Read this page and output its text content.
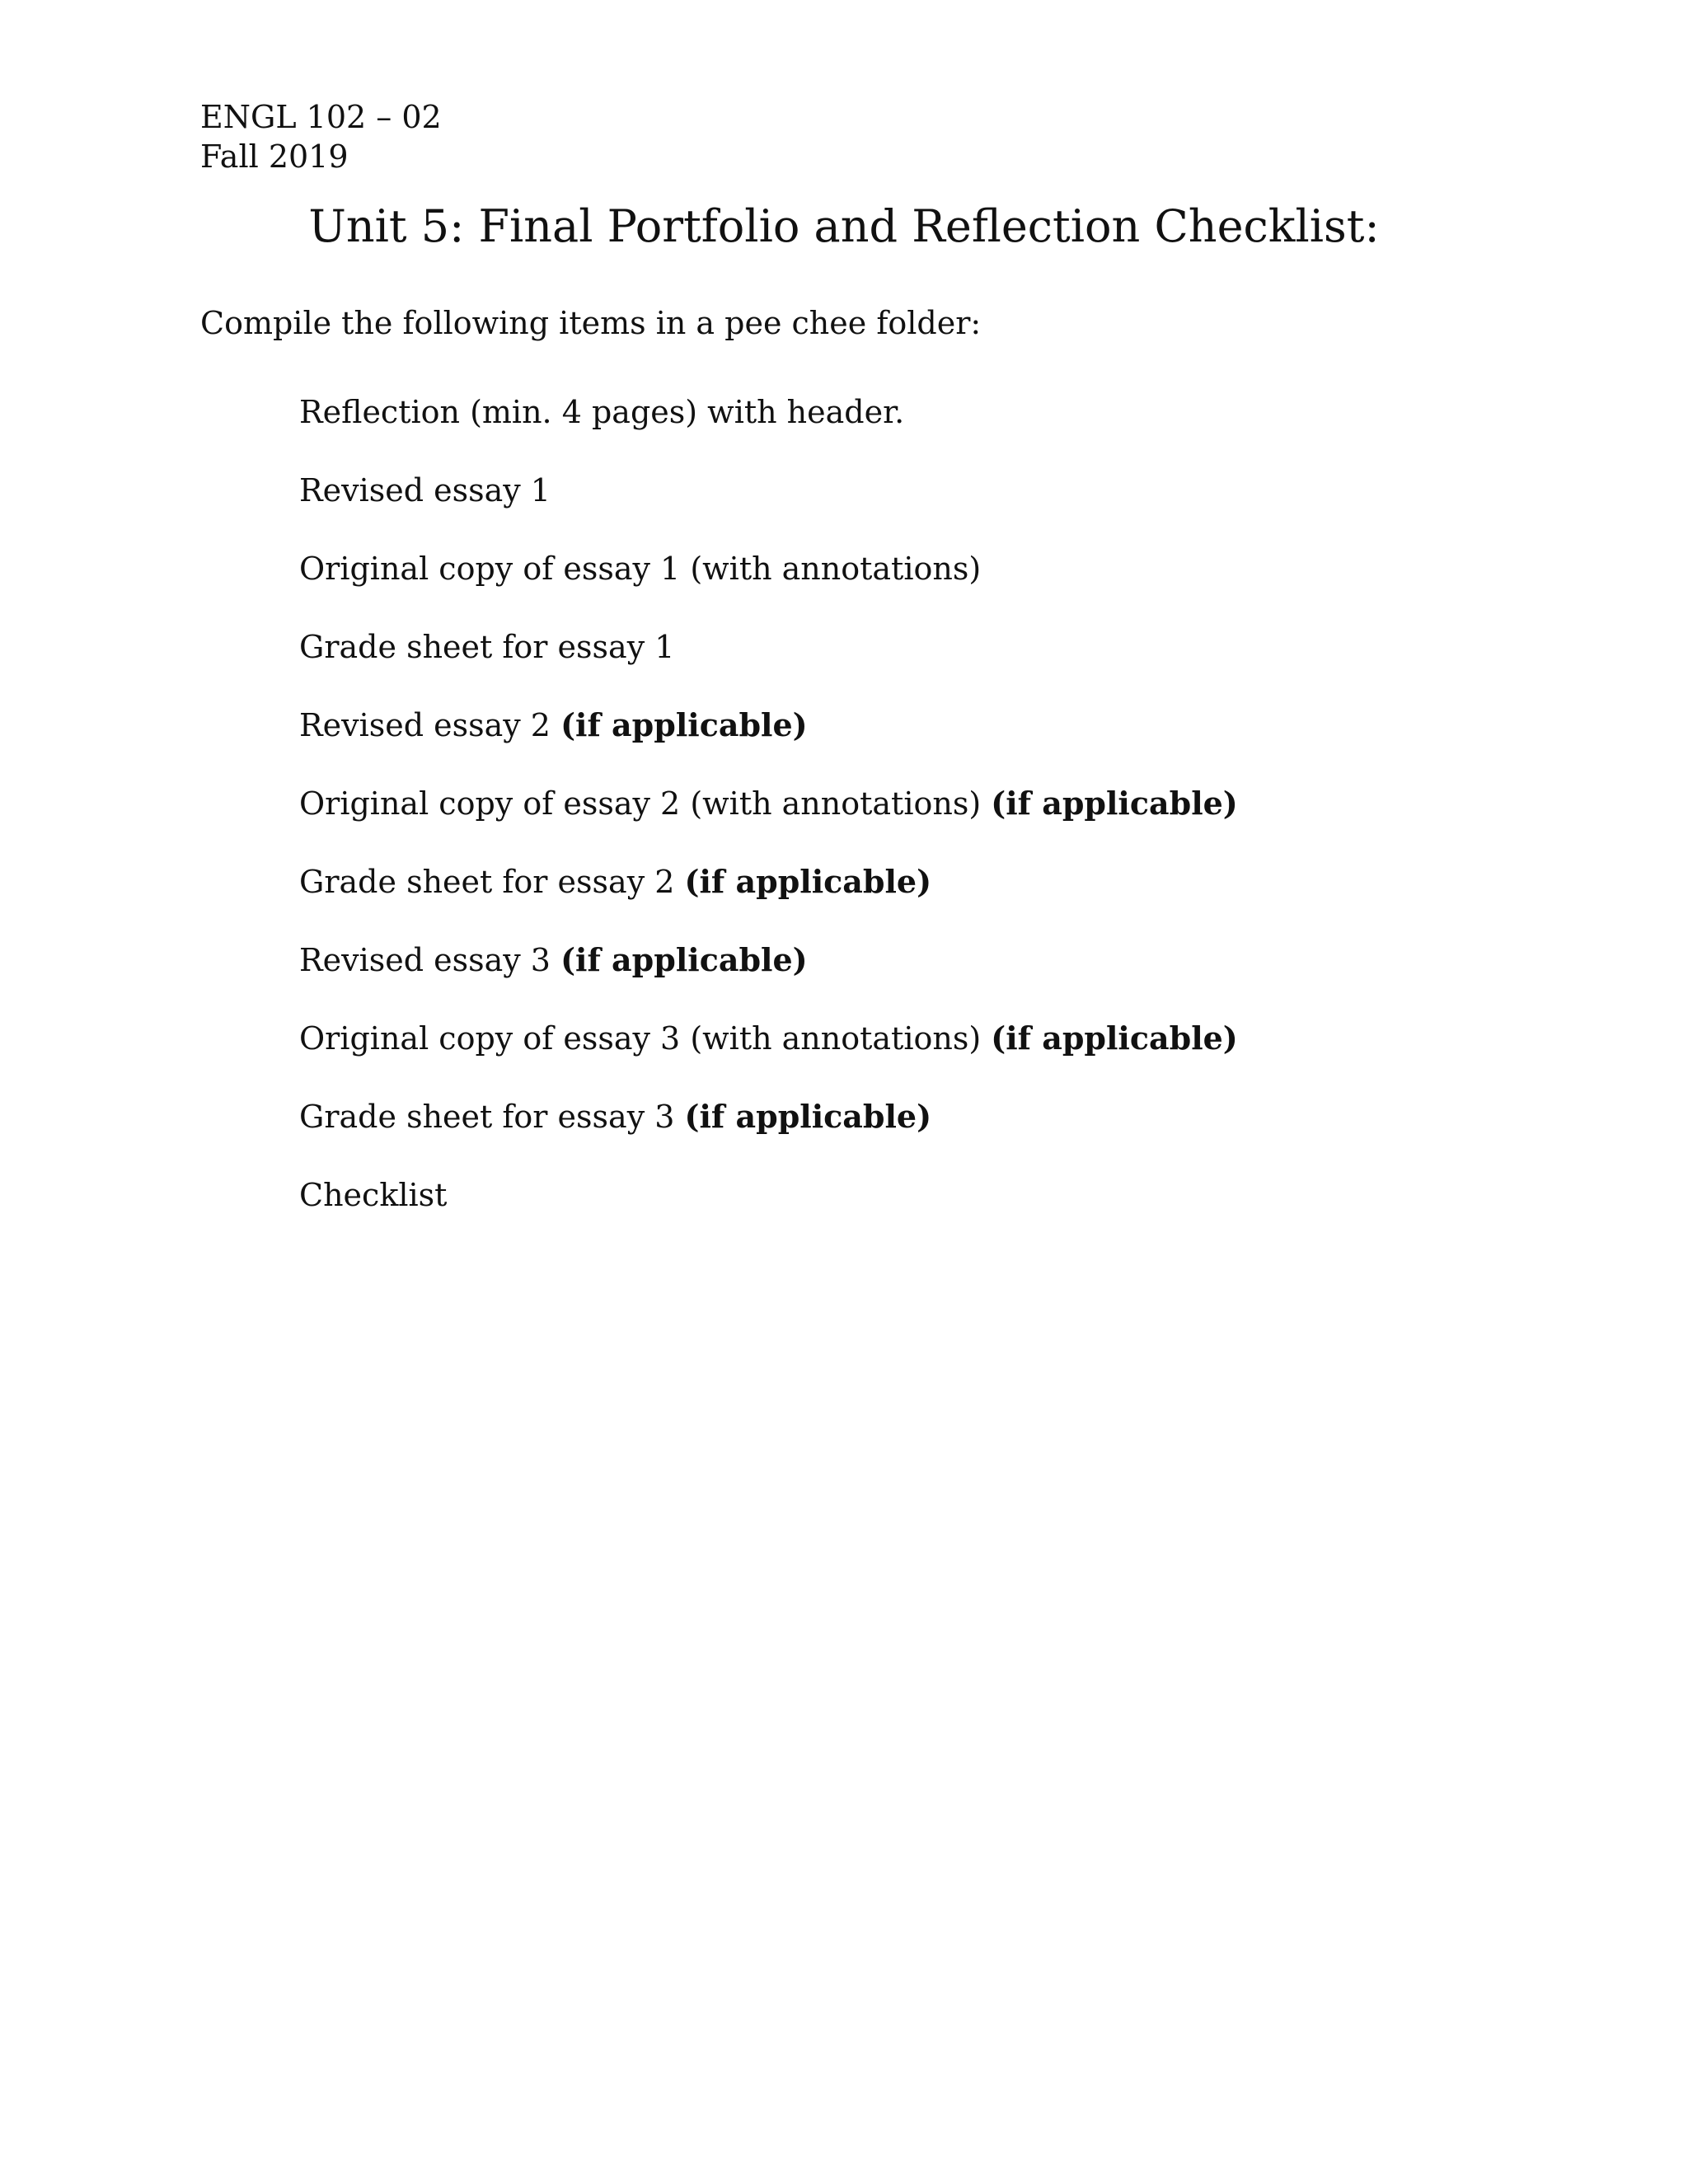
ENGL 102 – 02
Fall 2019
Unit 5: Final Portfolio and Reflection Checklist:
Compile the following items in a pee chee folder:
Reflection (min. 4 pages) with header.
Revised essay 1
Original copy of essay 1 (with annotations)
Grade sheet for essay 1
Revised essay 2 (if applicable)
Original copy of essay 2 (with annotations) (if applicable)
Grade sheet for essay 2 (if applicable)
Revised essay 3 (if applicable)
Original copy of essay 3 (with annotations) (if applicable)
Grade sheet for essay 3 (if applicable)
Checklist
